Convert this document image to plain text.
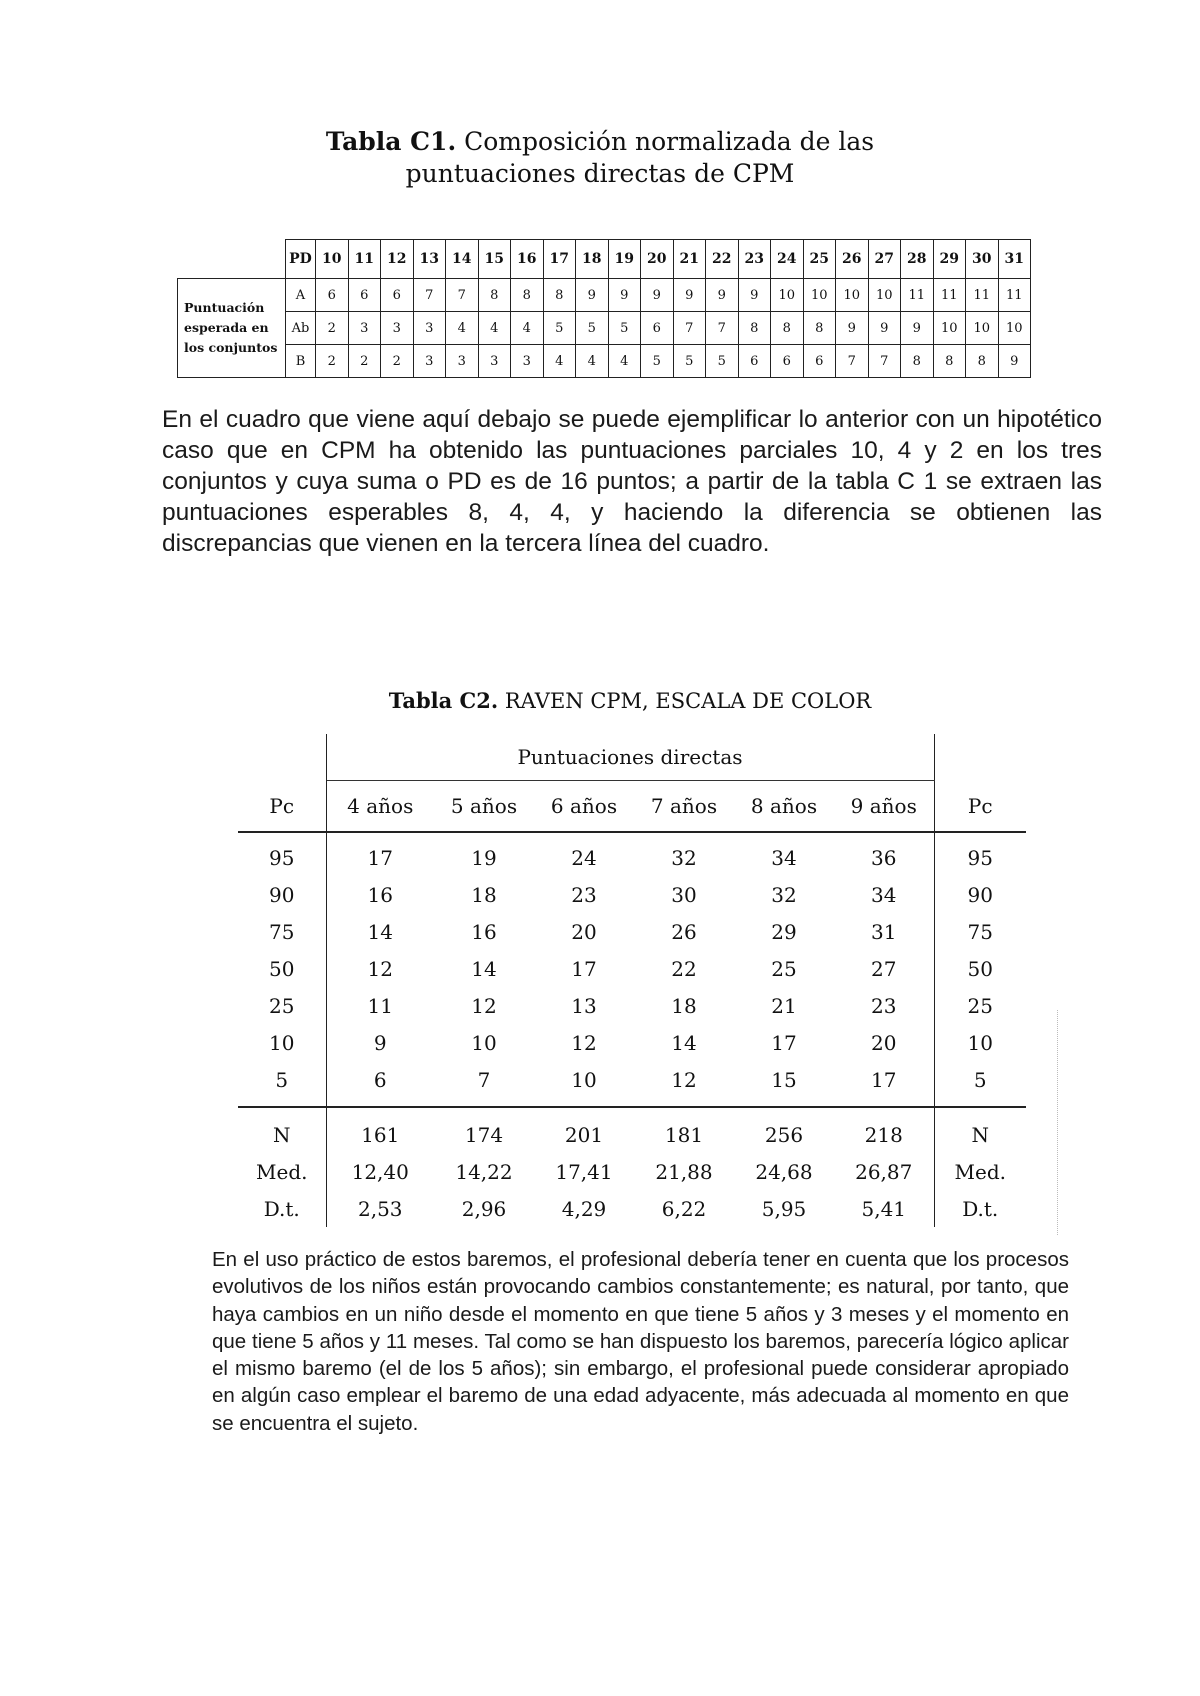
Tabla C1. Composición normalizada de las
puntuaciones directas de CPM
	PD	10	11	12	13	14	15	16	17	18	19	20	21	22	23	24	25	26	27	28	29	30	31
Puntuación
esperada en
los conjuntos	A	6	6	6	7	7	8	8	8	9	9	9	9	9	9	10	10	10	10	11	11	11	11
	Ab	2	3	3	3	4	4	4	5	5	5	6	7	7	8	8	8	9	9	9	10	10	10
	B	2	2	2	3	3	3	3	4	4	4	5	5	5	6	6	6	7	7	8	8	8	9
En el cuadro que viene aquí debajo se puede ejemplificar lo anterior con un hipotético caso que en CPM ha obtenido las puntuaciones parciales 10, 4 y 2 en los tres conjuntos y cuya suma o PD es de 16 puntos; a partir de la tabla C 1 se extraen las puntuaciones esperables 8, 4, 4, y haciendo la diferencia se obtienen las discrepancias que vienen en la tercera línea del cuadro.
Tabla C2. RAVEN CPM, ESCALA DE COLOR
	Puntuaciones directas						
Pc	4 años	5 años	6 años	7 años	8 años	9 años	Pc
95	17	19	24	32	34	36	95
90	16	18	23	30	32	34	90
75	14	16	20	26	29	31	75
50	12	14	17	22	25	27	50
25	11	12	13	18	21	23	25
10	9	10	12	14	17	20	10
5	6	7	10	12	15	17	5
N	161	174	201	181	256	218	N
Med.	12,40	14,22	17,41	21,88	24,68	26,87	Med.
D.t.	2,53	2,96	4,29	6,22	5,95	5,41	D.t.
En el uso práctico de estos baremos, el profesional debería tener en cuenta que los procesos evolutivos de los niños están provocando cambios constantemente; es natural, por tanto, que haya cambios en un niño desde el momento en que tiene 5 años y 3 meses y el momento en que tiene 5 años y 11 meses. Tal como se han dispuesto los baremos, parecería lógico aplicar el mismo baremo (el de los 5 años); sin embargo, el profesional puede considerar apropiado en algún caso emplear el baremo de una edad adyacente, más adecuada al momento en que se encuentra el sujeto.
